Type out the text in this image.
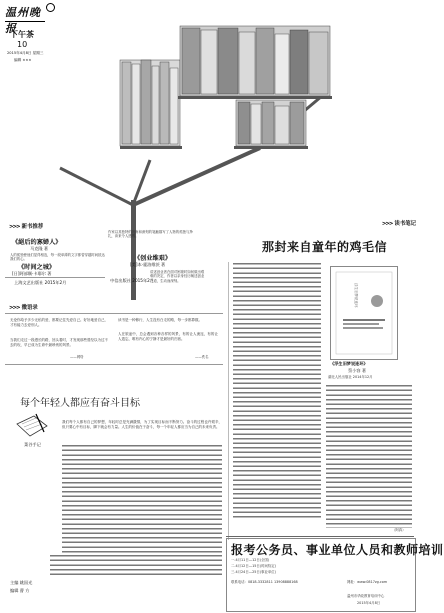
温州晚报
下午茶
10
2015年4月8日 星期三
编辑 ×××
>>> 新书推荐
《絕后的寡婦人》
马克隆 著
人的孤独使他们显得相连，每一段单薄的文字都曾穿越时间抵达我们的心。
《时间之城》
[日]阿部顺·卡耶尔 著
上海文艺出版社 2015年2月
作家以其独特的视角和深刻的笔触描写了人物的孤独与挣扎，读来令人感慨。
《创业维艰》
[美]本·霍洛维茨 著
中信出版社 2015年2月
讲述创业者在面对困境时如何做出艰难的决定，作者以亲身经历阐述创业之道，生动而深刻。
>>> 读书笔记
>>> 微语录
无论你给予多少无私的爱，都要记住先爱自己。好好地爱自己，才有能力去爱别人。
当我们走过一段漫长的路，回头看时，才发现那些曾经以为过不去的坎，早已成为生命中最珍贵的风景。
——网络
读书是一种修行，人生没有白走的路，每一步都算数。
人在旅途中，总会遇到各种各样的风景，有的让人流连，有的让人遗忘，唯有内心的宁静才是最好的归宿。
——佚名
每个年轻人都应有奋斗目标
菜谷手记
我们每个人都有自己的梦想，年轻时总是充满激情，为了实现目标而不断努力。奋斗的过程也许艰辛，但只要心中有目标，脚下就会有力量。人生的价值在于奋斗，每一个年轻人都应当为自己的未来负责。
主编 姚国光
编辑 曹 方

那封来自童年的鸡毛信
浮生旧梦说连环
《浮生旧梦说连环》
蔡小容 著
湖北人民出版社 2014年12月
（阿真）
报考公务员、事业单位人员和教师培训
一.4月11日—12日(全国)
二.4月12日—15日(时间待定)
三.4月24日—25日(事业单位)
联系电话：0818-3332811 13908888168	网址：www.0817zg.com
温州市华政教育培训中心
2015年4月8日
